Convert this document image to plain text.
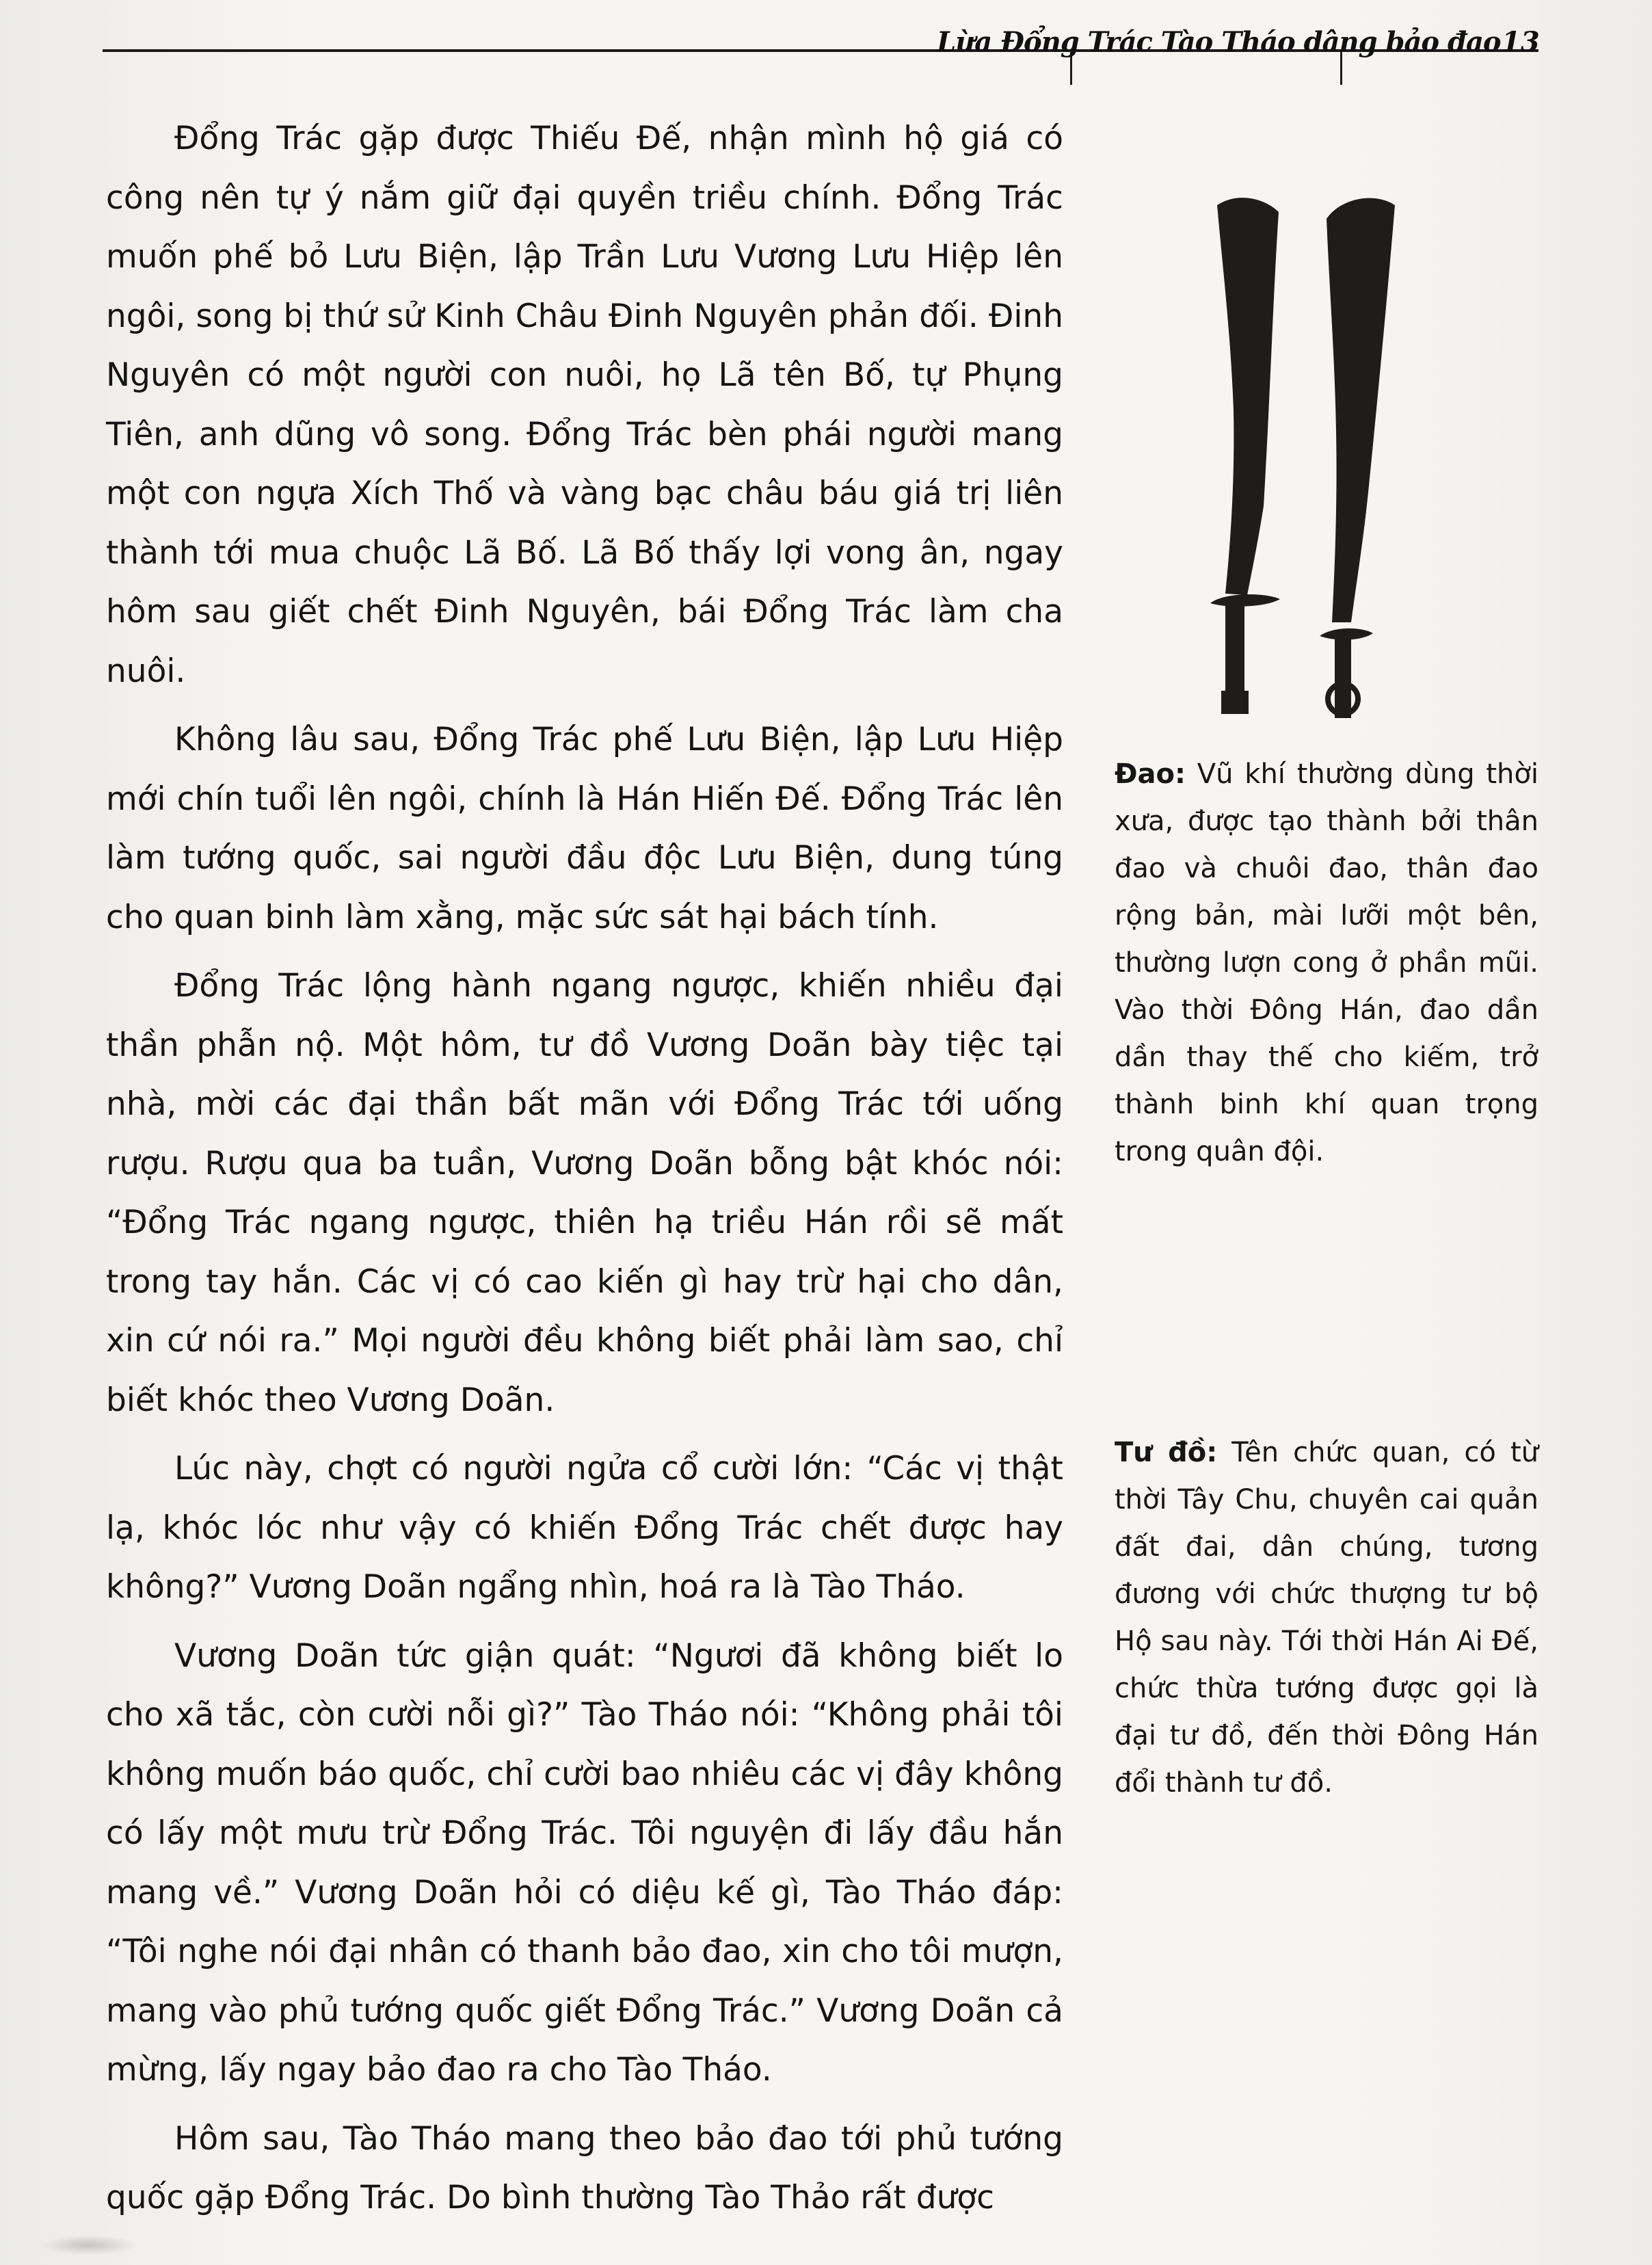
Lừa Đổng Trác Tào Tháo dâng bảo đao 13

Đổng Trác gặp được Thiếu Đế, nhận mình hộ giá có công nên tự ý nắm giữ đại quyền triều chính. Đổng Trác muốn phế bỏ Lưu Biện, lập Trần Lưu Vương Lưu Hiệp lên ngôi, song bị thứ sử Kinh Châu Đinh Nguyên phản đối. Đinh Nguyên có một người con nuôi, họ Lã tên Bố, tự Phụng Tiên, anh dũng vô song. Đổng Trác bèn phái người mang một con ngựa Xích Thố và vàng bạc châu báu giá trị liên thành tới mua chuộc Lã Bố. Lã Bố thấy lợi vong ân, ngay hôm sau giết chết Đinh Nguyên, bái Đổng Trác làm cha nuôi.

Không lâu sau, Đổng Trác phế Lưu Biện, lập Lưu Hiệp mới chín tuổi lên ngôi, chính là Hán Hiến Đế. Đổng Trác lên làm tướng quốc, sai người đầu độc Lưu Biện, dung túng cho quan binh làm xằng, mặc sức sát hại bách tính.

Đổng Trác lộng hành ngang ngược, khiến nhiều đại thần phẫn nộ. Một hôm, tư đồ Vương Doãn bày tiệc tại nhà, mời các đại thần bất mãn với Đổng Trác tới uống rượu. Rượu qua ba tuần, Vương Doãn bỗng bật khóc nói: “Đổng Trác ngang ngược, thiên hạ triều Hán rồi sẽ mất trong tay hắn. Các vị có cao kiến gì hay trừ hại cho dân, xin cứ nói ra.” Mọi người đều không biết phải làm sao, chỉ biết khóc theo Vương Doãn.

Lúc này, chợt có người ngửa cổ cười lớn: “Các vị thật lạ, khóc lóc như vậy có khiến Đổng Trác chết được hay không?” Vương Doãn ngẩng nhìn, hoá ra là Tào Tháo.

Vương Doãn tức giận quát: “Ngươi đã không biết lo cho xã tắc, còn cười nỗi gì?” Tào Tháo nói: “Không phải tôi không muốn báo quốc, chỉ cười bao nhiêu các vị đây không có lấy một mưu trừ Đổng Trác. Tôi nguyện đi lấy đầu hắn mang về.” Vương Doãn hỏi có diệu kế gì, Tào Tháo đáp: “Tôi nghe nói đại nhân có thanh bảo đao, xin cho tôi mượn, mang vào phủ tướng quốc giết Đổng Trác.” Vương Doãn cả mừng, lấy ngay bảo đao ra cho Tào Tháo.

Hôm sau, Tào Tháo mang theo bảo đao tới phủ tướng quốc gặp Đổng Trác. Do bình thường Tào Thảo rất được

Đao: Vũ khí thường dùng thời xưa, được tạo thành bởi thân đao và chuôi đao, thân đao rộng bản, mài lưỡi một bên, thường lượn cong ở phần mũi. Vào thời Đông Hán, đao dần dần thay thế cho kiếm, trở thành binh khí quan trọng trong quân đội.
Tư đồ: Tên chức quan, có từ thời Tây Chu, chuyên cai quản đất đai, dân chúng, tương đương với chức thượng tư bộ Hộ sau này. Tới thời Hán Ai Đế, chức thừa tướng được gọi là đại tư đồ, đến thời Đông Hán đổi thành tư đồ.
